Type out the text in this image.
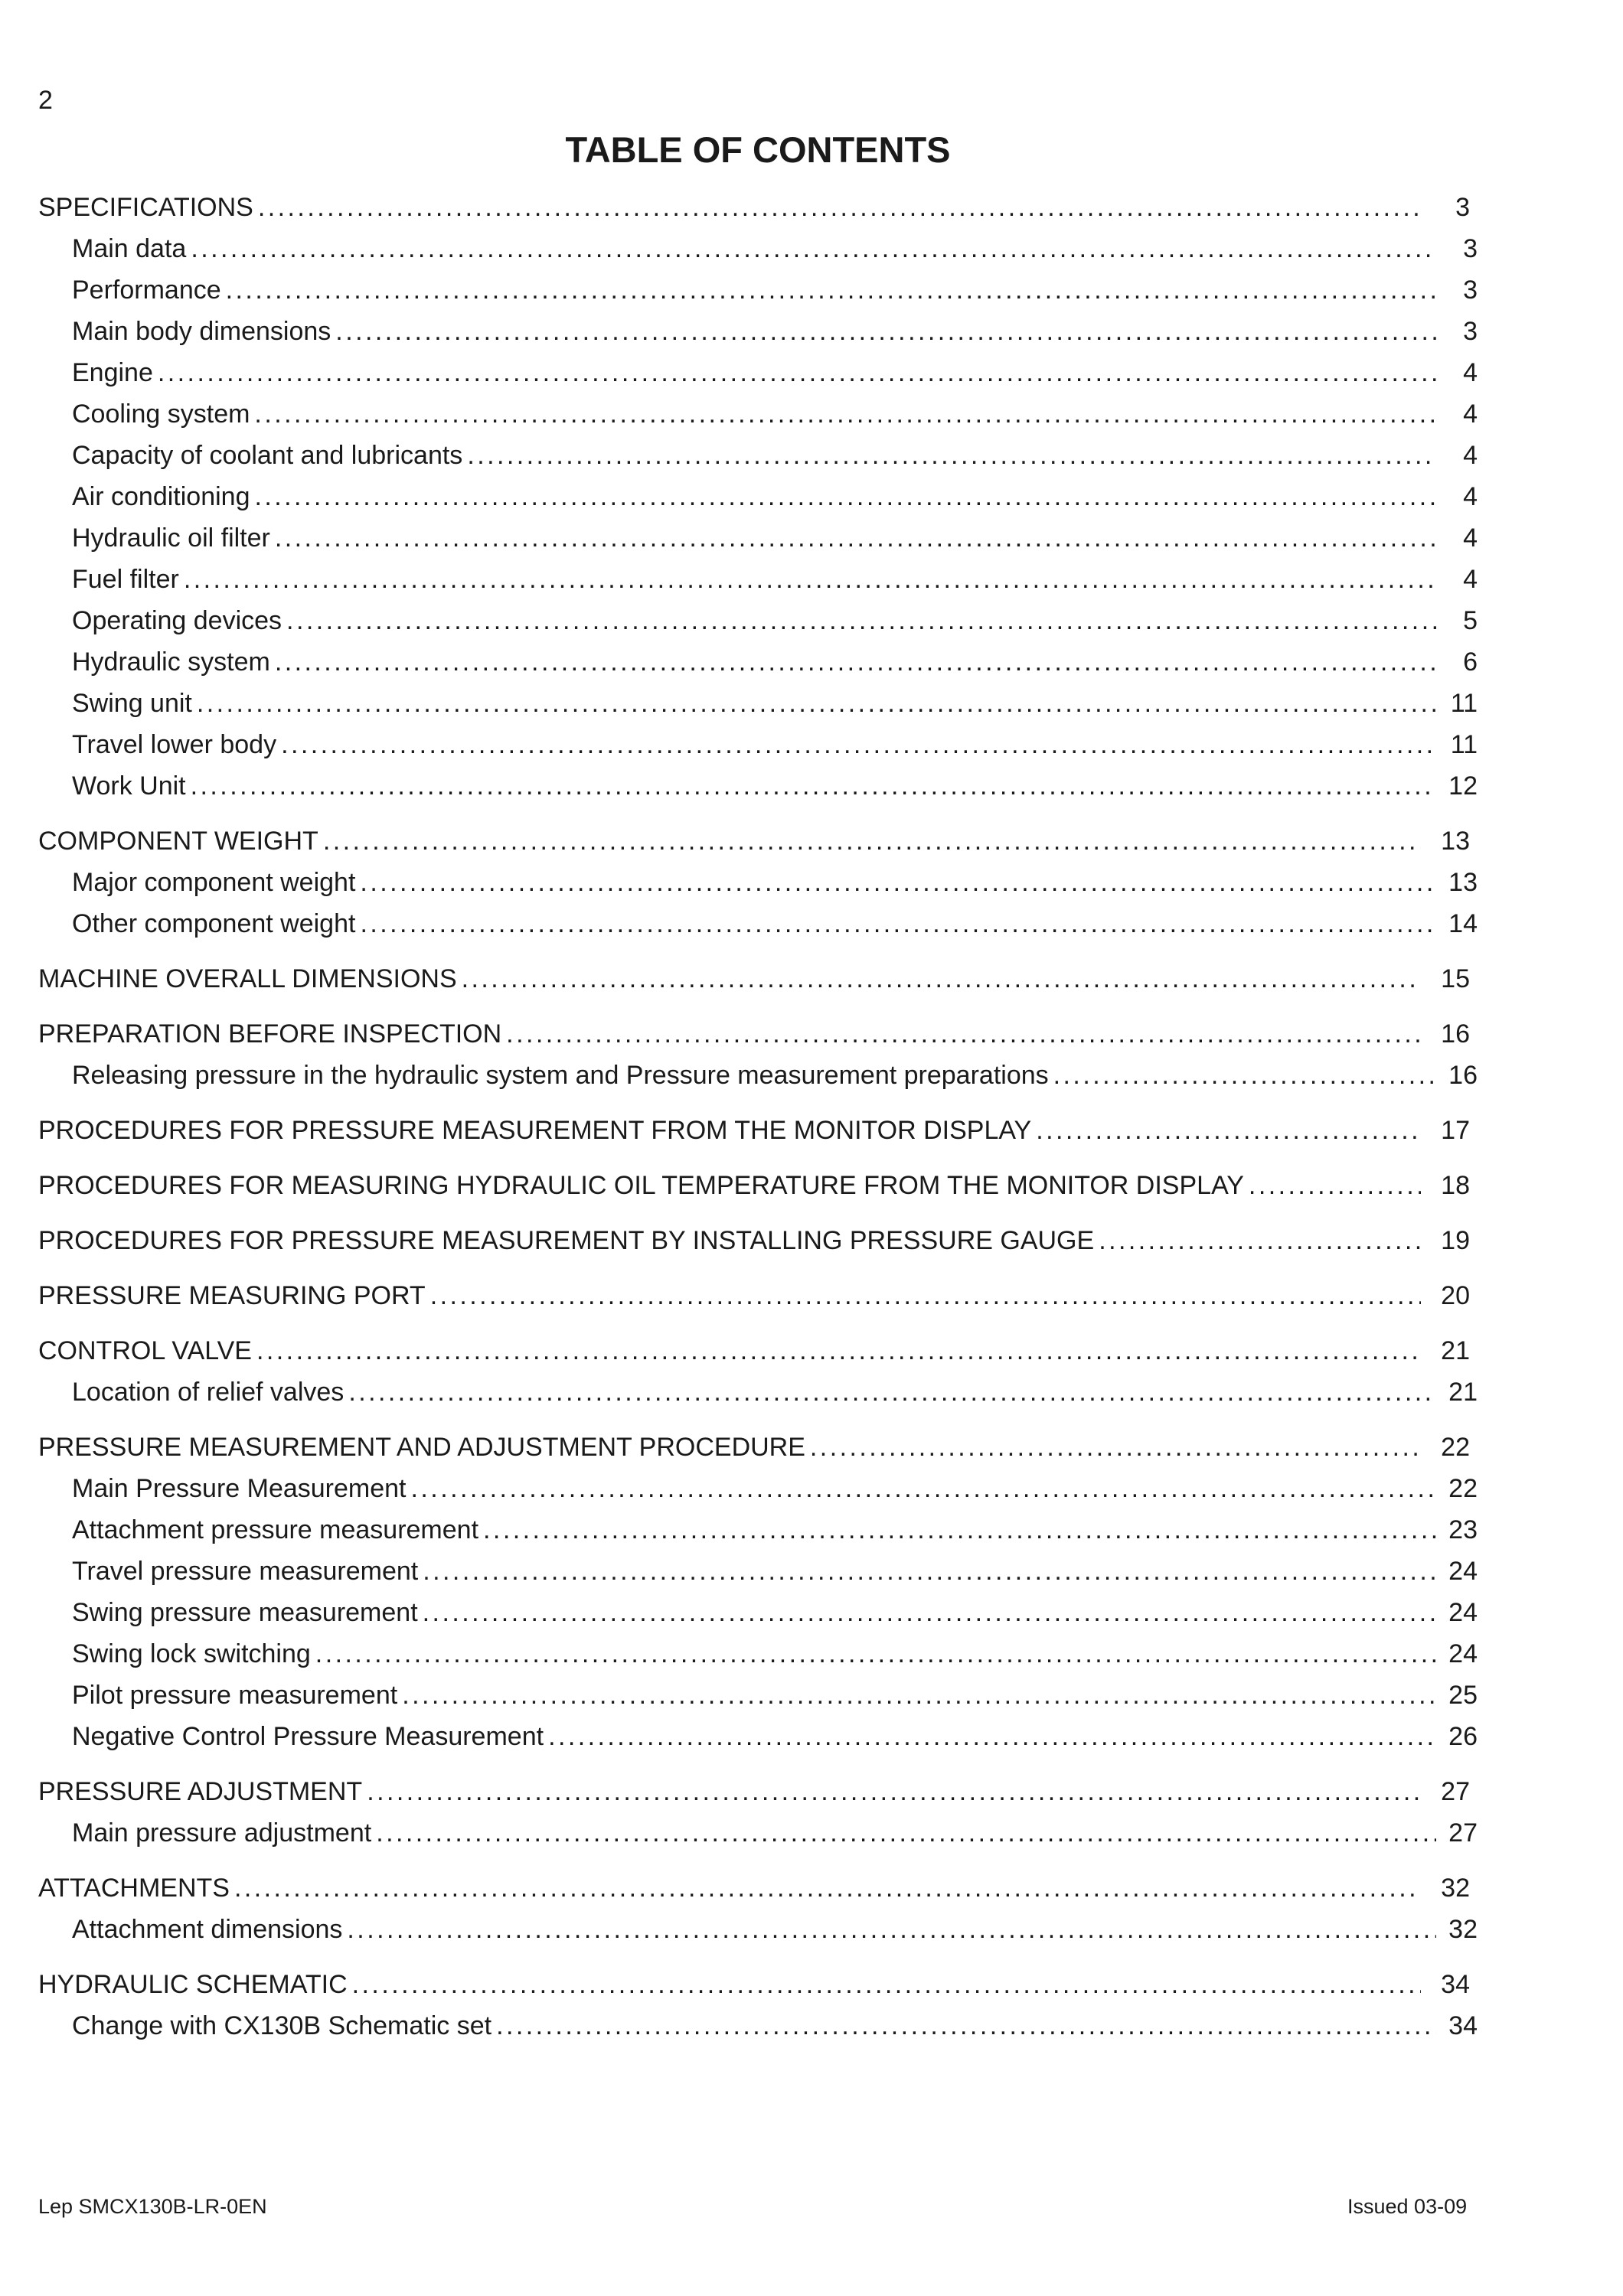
2
TABLE OF CONTENTS
SPECIFICATIONS . . .	3
Main data . . .	3
Performance . . .	3
Main body dimensions . . .	3
Engine . . .	4
Cooling system . . .	4
Capacity of coolant and lubricants . . .	4
Air conditioning . . .	4
Hydraulic oil filter . . .	4
Fuel filter . . .	4
Operating devices . . .	5
Hydraulic system . . .	6
Swing unit . . .	11
Travel lower body . . .	11
Work Unit . . .	12
COMPONENT WEIGHT . . .	13
Major component weight . . .	13
Other component weight . . .	14
MACHINE OVERALL DIMENSIONS . . .	15
PREPARATION BEFORE INSPECTION . . .	16
Releasing pressure in the hydraulic system and Pressure measurement preparations . . .	16
PROCEDURES FOR PRESSURE MEASUREMENT FROM THE MONITOR DISPLAY . . .	17
PROCEDURES FOR MEASURING HYDRAULIC OIL TEMPERATURE FROM THE MONITOR DISPLAY . . .	18
PROCEDURES FOR PRESSURE MEASUREMENT BY INSTALLING PRESSURE GAUGE . . .	19
PRESSURE MEASURING PORT . . .	20
CONTROL VALVE . . .	21
Location of relief valves . . .	21
PRESSURE MEASUREMENT AND ADJUSTMENT PROCEDURE . . .	22
Main Pressure Measurement . . .	22
Attachment pressure measurement . . .	23
Travel pressure measurement . . .	24
Swing pressure measurement . . .	24
Swing lock switching . . .	24
Pilot pressure measurement . . .	25
Negative Control Pressure Measurement . . .	26
PRESSURE ADJUSTMENT . . .	27
Main pressure adjustment . . .	27
ATTACHMENTS . . .	32
Attachment dimensions . . .	32
HYDRAULIC SCHEMATIC . . .	34
Change with CX130B Schematic set . . .	34
Lep SMCX130B-LR-0EN	Issued 03-09
